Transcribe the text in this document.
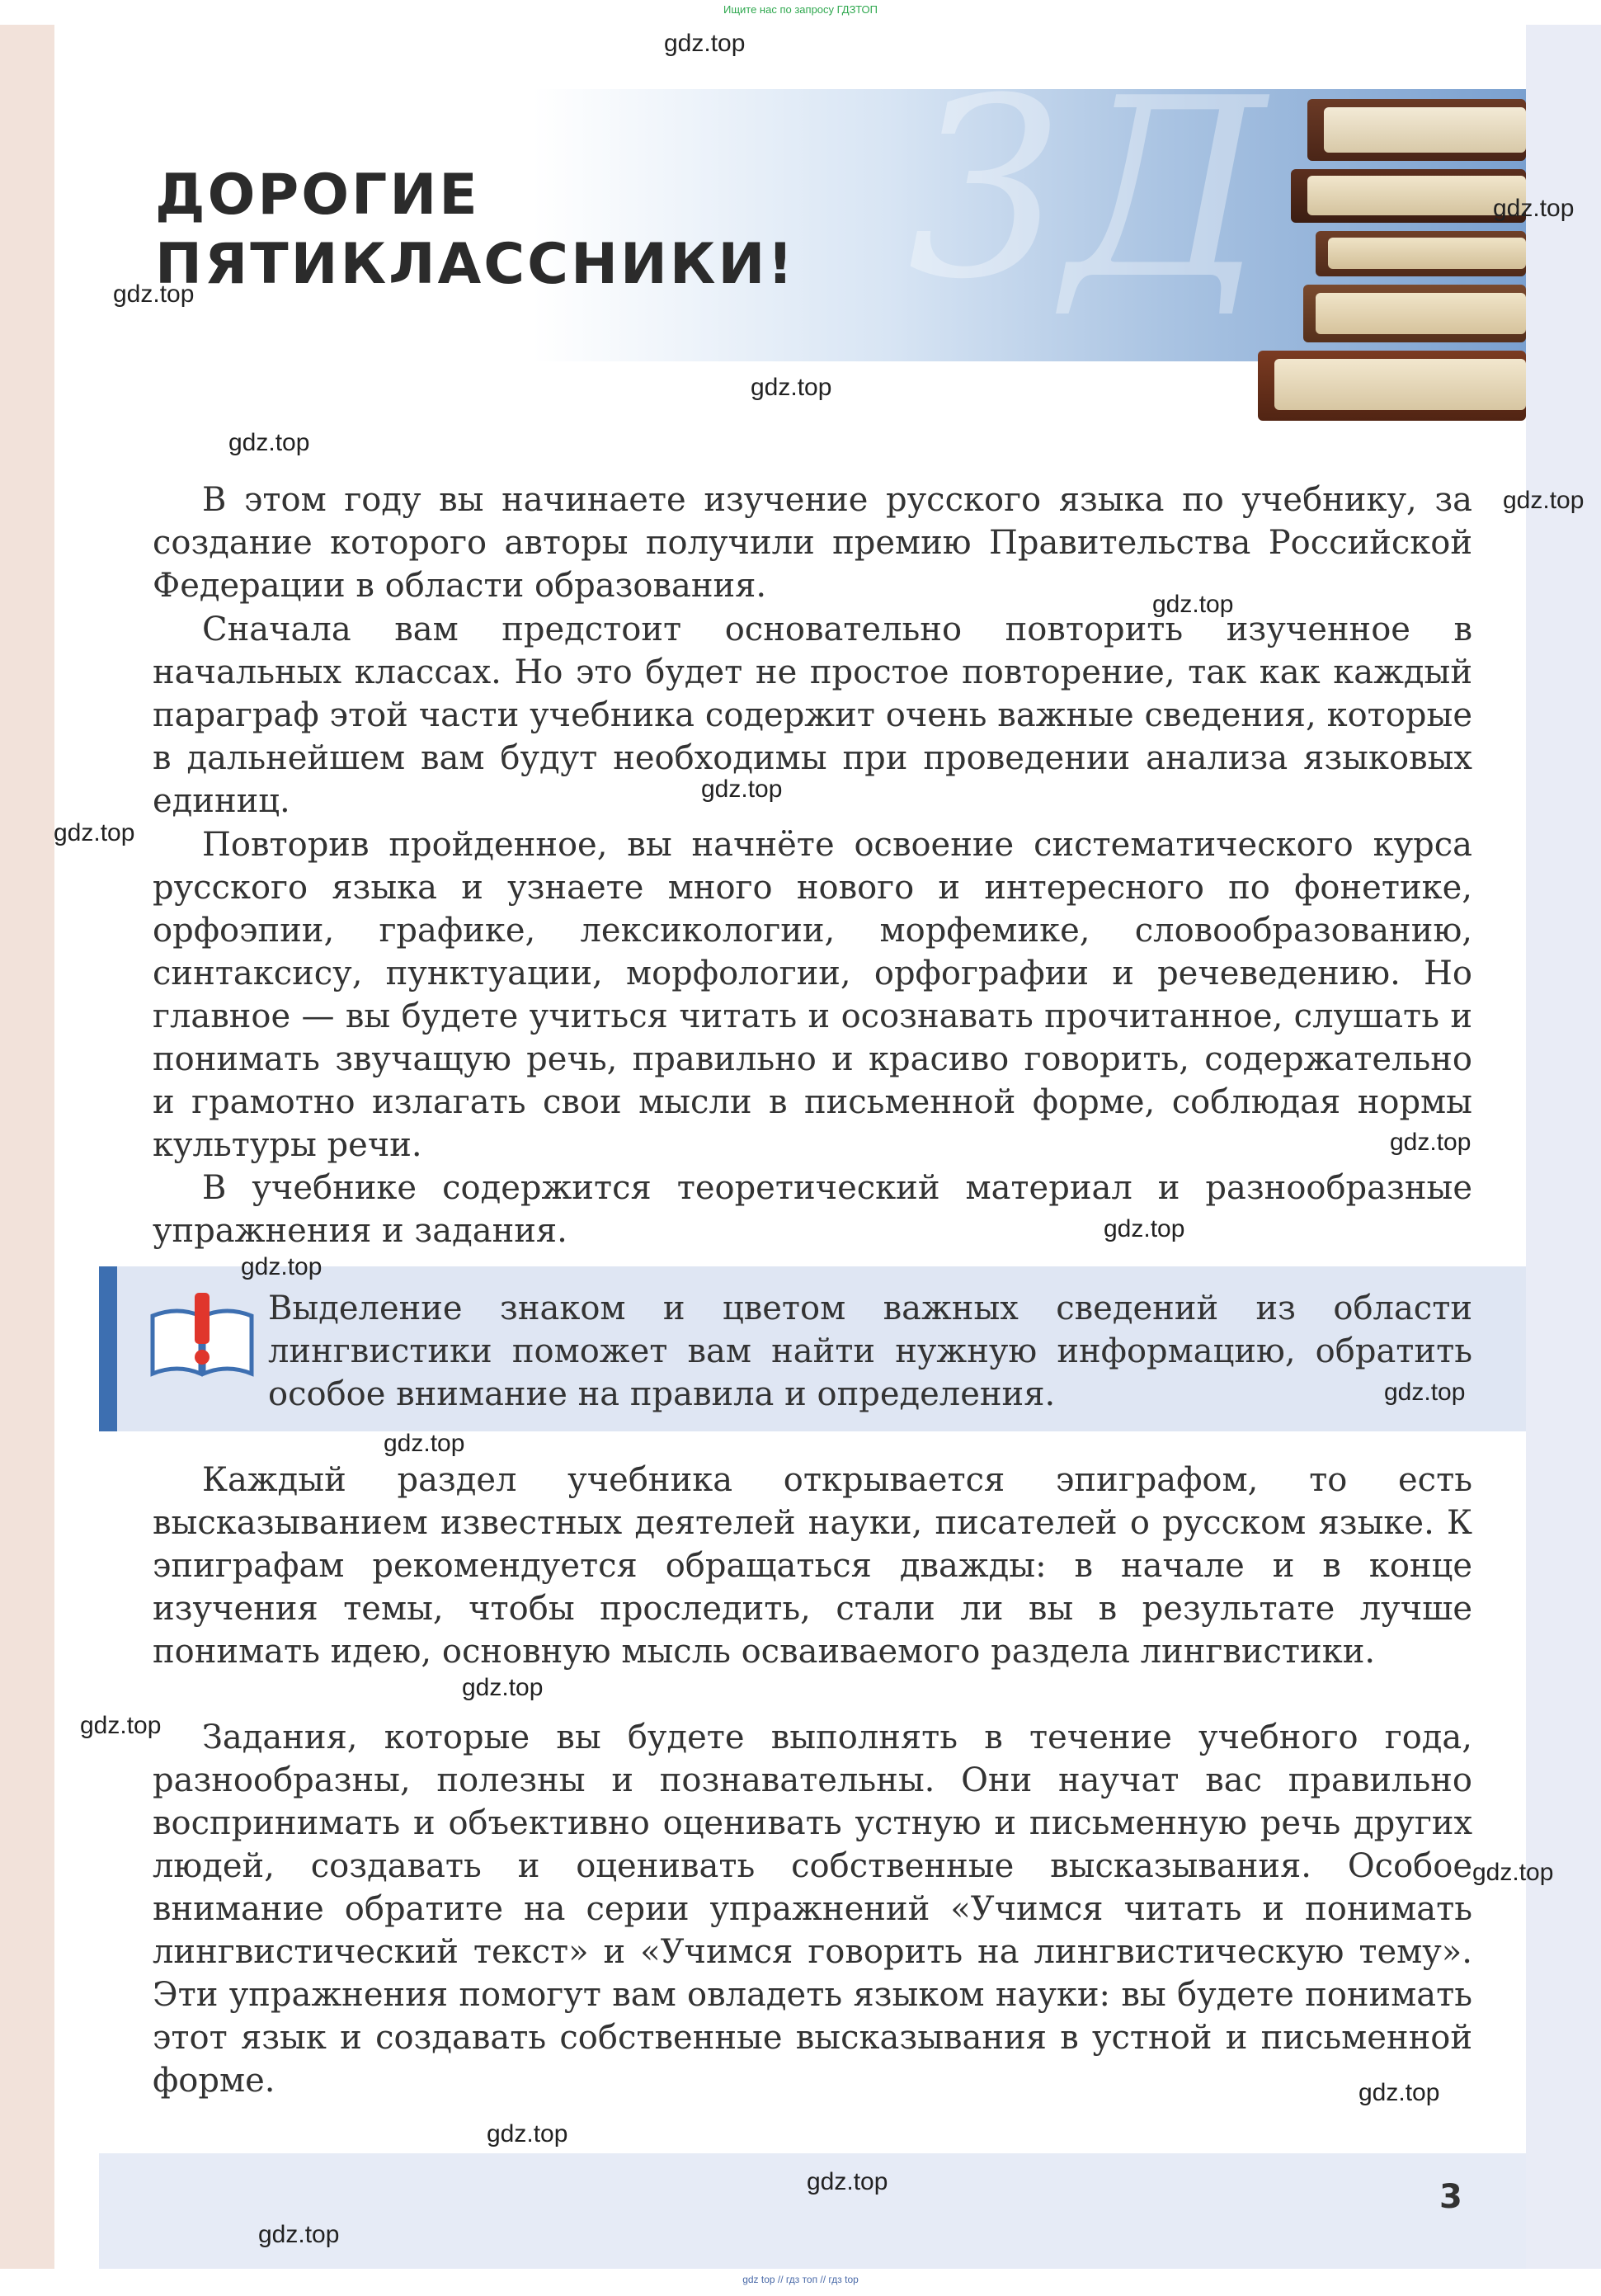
Ищите нас по запросу ГДЗТОП
3Д
ДОРОГИЕ
ПЯТИКЛАССНИКИ!

В этом году вы начинаете изучение русского языка по учебнику, за создание которого авторы получили премию Правительства Российской Федерации в области образования.

Сначала вам предстоит основательно повторить изученное в начальных классах. Но это будет не простое повторение, так как каждый параграф этой части учебника содержит очень важные сведения, которые в дальнейшем вам будут необходимы при проведении анализа языковых единиц.

Повторив пройденное, вы начнёте освоение систематического курса русского языка и узнаете много нового и интересного по фонетике, орфоэпии, графике, лексикологии, морфемике, словообразованию, синтаксису, пунктуации, морфологии, орфографии и речеведению. Но главное — вы будете учиться читать и осознавать прочитанное, слушать и понимать звучащую речь, правильно и красиво говорить, содержательно и грамотно излагать свои мысли в письменной форме, соблюдая нормы культуры речи.

В учебнике содержится теоретический материал и разнообразные упражнения и задания.

Выделение знаком и цветом важных сведений из области лингвистики поможет вам найти нужную информацию, обратить особое внимание на правила и определения.

Каждый раздел учебника открывается эпиграфом, то есть высказыванием известных деятелей науки, писателей о русском языке. К эпиграфам рекомендуется обращаться дважды: в начале и в конце изучения темы, чтобы проследить, стали ли вы в результате лучше понимать идею, основную мысль осваиваемого раздела лингвистики.

Задания, которые вы будете выполнять в течение учебного года, разнообразны, полезны и познавательны. Они научат вас правильно воспринимать и объективно оценивать устную и письменную речь других людей, создавать и оценивать собственные высказывания. Особое внимание обратите на серии упражнений «Учимся читать и понимать лингвистический текст» и «Учимся говорить на лингвистическую тему». Эти упражнения помогут вам овладеть языком науки: вы будете понимать этот язык и создавать собственные высказывания в устной и письменной форме.

3
gdz.top
gdz.top
gdz.top
gdz.top
gdz.top
gdz.top
gdz.top
gdz.top
gdz.top
gdz.top
gdz.top
gdz.top
gdz.top
gdz.top
gdz.top
gdz.top
gdz.top
gdz.top
gdz.top
gdz.top
gdz.top
gdz top // гдз топ // гдз top
